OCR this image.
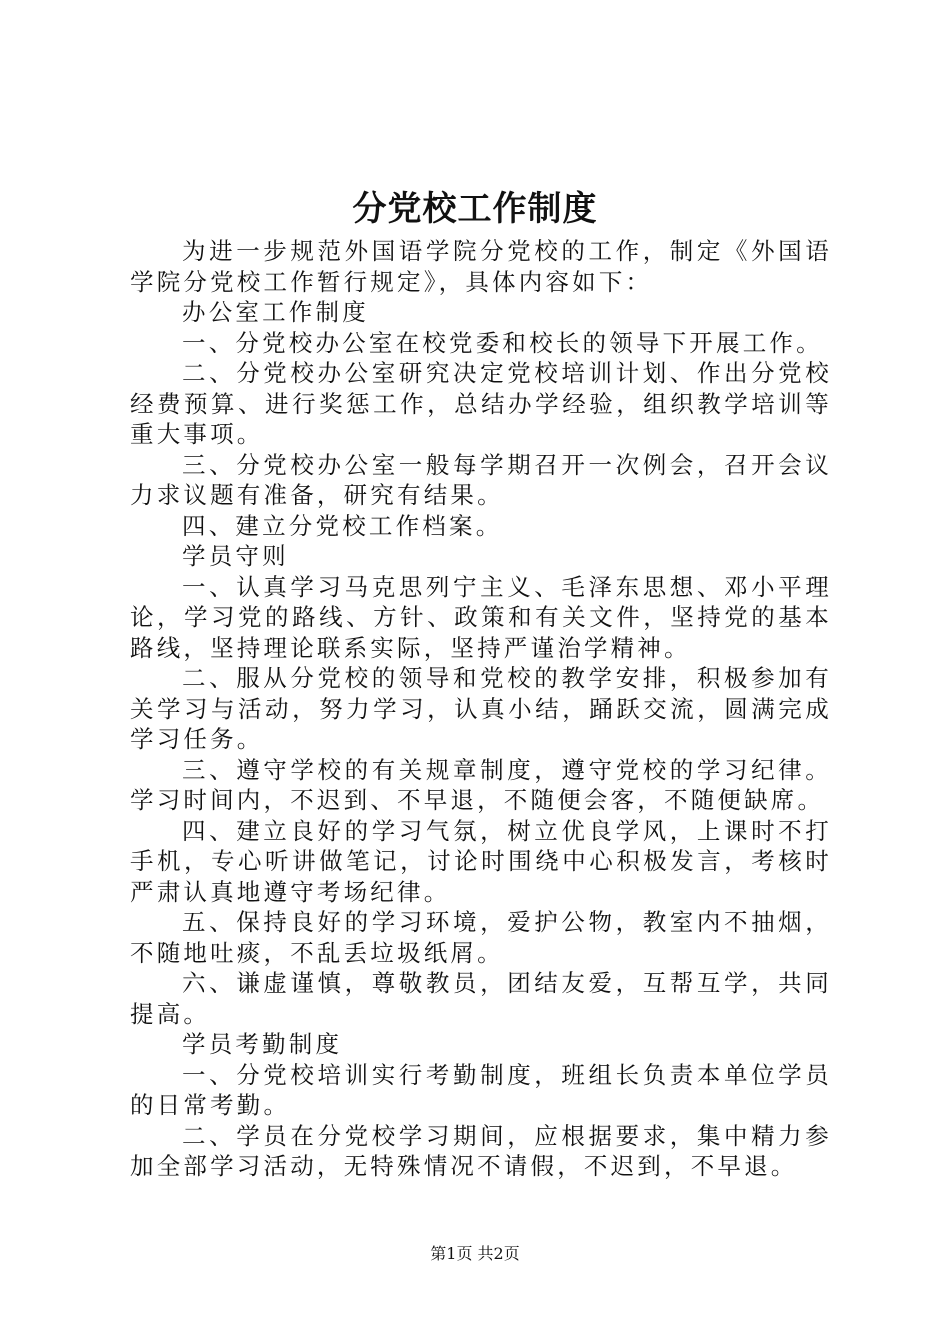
分党校工作制度

为进一步规范外国语学院分党校的工作，制定《外国语学院分党校工作暂行规定》，具体内容如下：

办公室工作制度

一、分党校办公室在校党委和校长的领导下开展工作。

二、分党校办公室研究决定党校培训计划、作出分党校经费预算、进行奖惩工作，总结办学经验，组织教学培训等重大事项。

三、分党校办公室一般每学期召开一次例会，召开会议力求议题有准备，研究有结果。

四、建立分党校工作档案。

学员守则

一、认真学习马克思列宁主义、毛泽东思想、邓小平理论，学习党的路线、方针、政策和有关文件，坚持党的基本路线，坚持理论联系实际，坚持严谨治学精神。

二、服从分党校的领导和党校的教学安排，积极参加有关学习与活动，努力学习，认真小结，踊跃交流，圆满完成学习任务。

三、遵守学校的有关规章制度，遵守党校的学习纪律。学习时间内，不迟到、不早退，不随便会客，不随便缺席。

四、建立良好的学习气氛，树立优良学风，上课时不打手机，专心听讲做笔记，讨论时围绕中心积极发言，考核时严肃认真地遵守考场纪律。

五、保持良好的学习环境，爱护公物，教室内不抽烟，不随地吐痰，不乱丢垃圾纸屑。

六、谦虚谨慎，尊敬教员，团结友爱，互帮互学，共同提高。

学员考勤制度

一、分党校培训实行考勤制度，班组长负责本单位学员的日常考勤。

二、学员在分党校学习期间，应根据要求，集中精力参加全部学习活动，无特殊情况不请假，不迟到，不早退。

第1页 共2页
